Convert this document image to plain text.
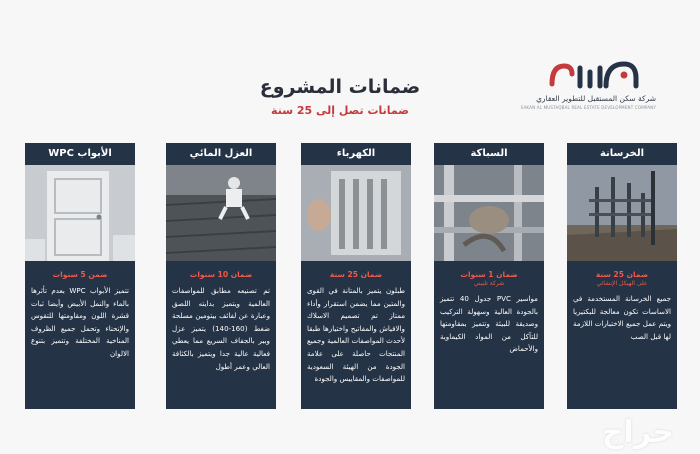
شركة سكن المستقبل للتطوير العقاري
SAKAN AL MUSTAQBAL REAL ESTATE DEVELOPMENT COMPANY
ضمانات المشروع
ضمانات تصل إلى 25 سنة
الخرسانة
ضمان 25 سنة
على الهيكل الإنشائي
جميع الخرسانة المستخدمة في الاساسات تكون معالجة للبكتيريا ويتم عمل جميع الاختبارات اللازمة لها قبل الصب
السباكة
ضمان 1 سنوات
شركة تلبيني
مواسير PVC جدول 40 تتميز بالجودة العالية وسهولة التركيب وصديقة للبيئة وتتميز بمقاومتها للتآكل من المواد الكيماوية والأحماض
الكهرباء
ضمان 25 سنة
طبلون يتميز بالمتانة في القوى والمتين مما يضمن استقرار وأداء ممتاز تم تصميم الاسلاك والافياش والمفاتيح واختيارها طبقا لأحدث المواصفات العالمية وجميع المنتجات حاصلة على علامة الجودة من الهيئة السعودية للمواصفات والمقاييس والجودة
العزل المائي
ضمان 10 سنوات
تم تصنيعه مطابق للمواصفات العالمية ويتميز بدايته اللصق وعبارة عن لفائف بيتومين مسلحة ضغط (160-140) يتميز عزل وبير بالجفاف السريع مما يعطي فعالية عالية جدا ويتميز بالكثافة العالي وعمر أطول
الأبواب WPC
ضمن 5 سنوات
تتميز الأبواب WPC بعدم تأثرها بالماء والنمل الأبيض وأيضا ثبات قشرة اللون ومقاومتها للتقوس والإنحناء وتحمل جميع الظروف المناخية المختلفة وتتميز بتنوع الالوان
حراج
